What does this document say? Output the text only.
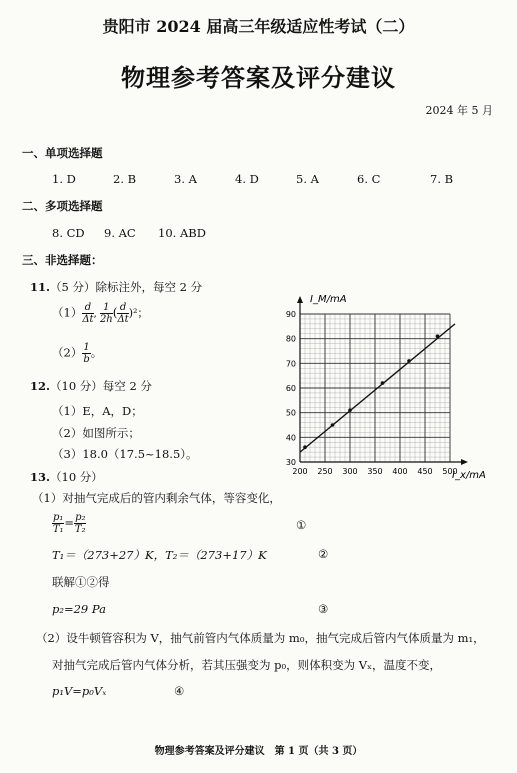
贵阳市 2024 届高三年级适应性考试（二）
物理参考答案及评分建议
2024 年 5 月
一、单项选择题
1. D	2. B	3. A	4. D	5. A	6. C	7. B
二、多项选择题
8. CD 9. AC 10. ABD
三、非选择题：
11.（5 分）除标注外，每空 2 分
$(1) \frac{d}{\Delta t}$ , $\frac{1}{2h}$ ( $\frac{d}{\Delta t} )^2$；
$(2) \frac{1}{b}$ 。
12.（10 分）每空 2 分
（1）E，A，D；
（2）如图所示；
（3）18.0（17.5~18.5）。
13.（10 分）
（1）对抽气完成后的管内剩余气体，等容变化，
$\frac{\text{p₁}}{\text{T₁}} = \frac{\text{p₂}}{\text{T₂}}$	①
T₁＝（273+27）K，T₂＝（273+17）K	②
联解①②得
p₂=29 Pa	③
（2）设牛顿管容积为 V，抽气前管内气体质量为 m₀，抽气完成后管内气体质量为 m₁，
对抽气完成后管内气体分析，若其压强变为 p₀，则体积变为 Vₓ，温度不变，
p₁V=p₀Vₓ	④
200 250 300 350 400 450 500
90
80
70
60
50
40
30
I_M/mA
I_x/mA
物理参考答案及评分建议　第 1 页（共 3 页）
